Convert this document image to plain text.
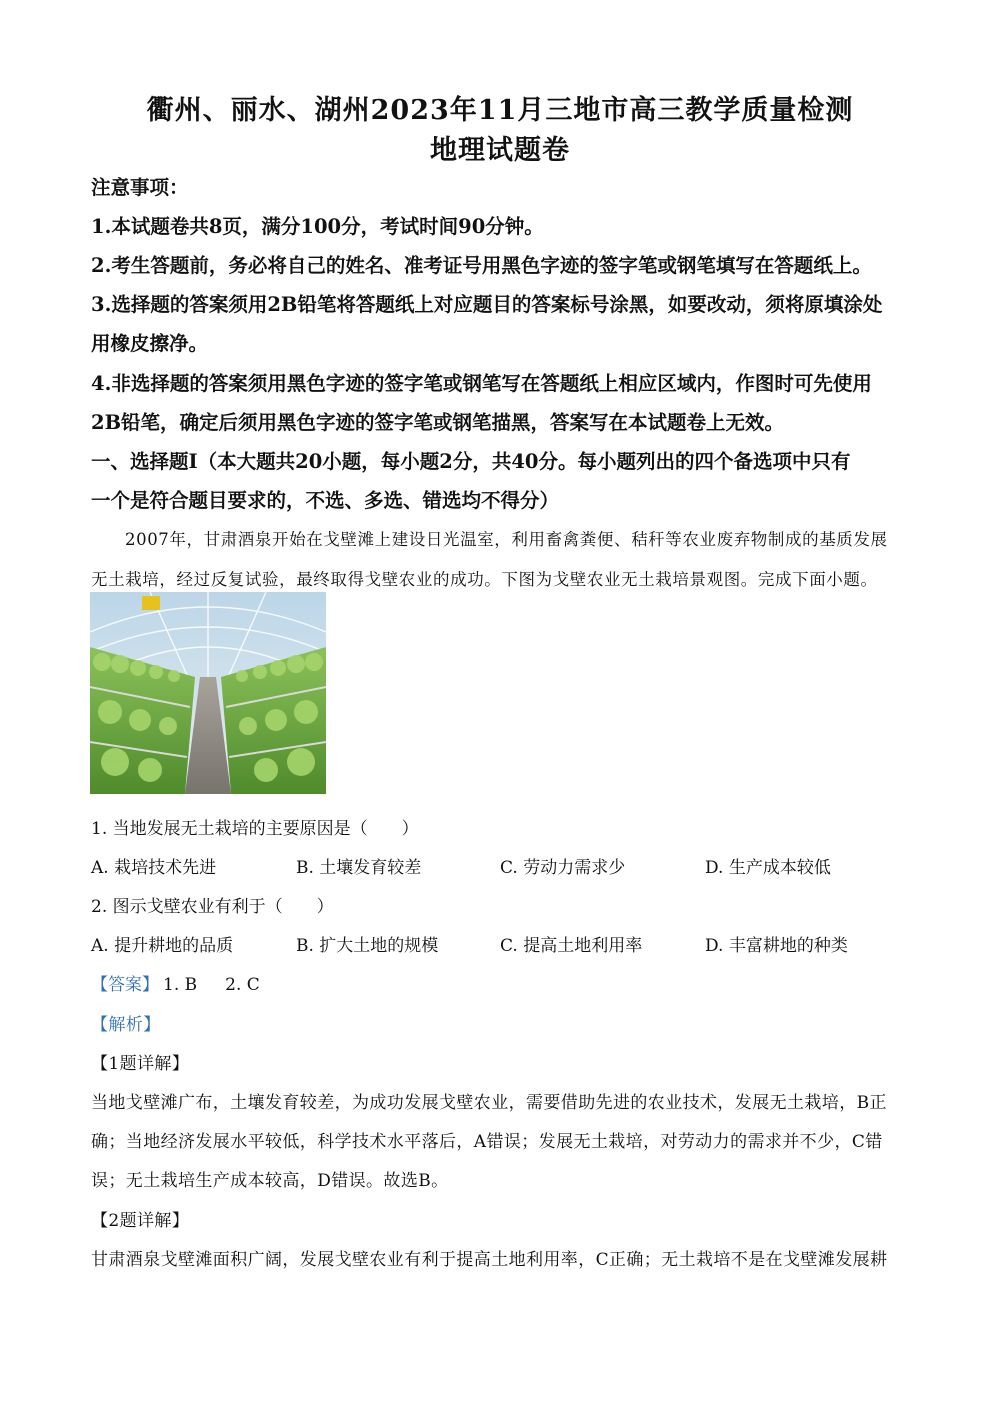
衢州、丽水、湖州2023年11月三地市高三教学质量检测
地理试题卷
注意事项：
1.本试题卷共8页，满分100分，考试时间90分钟。
2.考生答题前，务必将自己的姓名、准考证号用黑色字迹的签字笔或钢笔填写在答题纸上。
3.选择题的答案须用2B铅笔将答题纸上对应题目的答案标号涂黑，如要改动，须将原填涂处
用橡皮擦净。
4.非选择题的答案须用黑色字迹的签字笔或钢笔写在答题纸上相应区域内，作图时可先使用
2B铅笔，确定后须用黑色字迹的签字笔或钢笔描黑，答案写在本试题卷上无效。
一、选择题Ⅰ（本大题共20小题，每小题2分，共40分。每小题列出的四个备选项中只有
一个是符合题目要求的，不选、多选、错选均不得分）
2007年，甘肃酒泉开始在戈壁滩上建设日光温室，利用畜禽粪便、秸秆等农业废弃物制成的基质发展
无土栽培，经过反复试验，最终取得戈壁农业的成功。下图为戈壁农业无土栽培景观图。完成下面小题。
1. 当地发展无土栽培的主要原因是（　　）
A. 栽培技术先进	B. 土壤发育较差	C. 劳动力需求少	D. 生产成本较低
2. 图示戈壁农业有利于（　　）
A. 提升耕地的品质	B. 扩大土地的规模	C. 提高土地利用率	D. 丰富耕地的种类
【答案】 1. B 2. C
【解析】
【1题详解】
当地戈壁滩广布，土壤发育较差，为成功发展戈壁农业，需要借助先进的农业技术，发展无土栽培，B正
确；当地经济发展水平较低，科学技术水平落后，A错误；发展无土栽培，对劳动力的需求并不少，C错
误；无土栽培生产成本较高，D错误。故选B。
【2题详解】
甘肃酒泉戈壁滩面积广阔，发展戈壁农业有利于提高土地利用率，C正确；无土栽培不是在戈壁滩发展耕
